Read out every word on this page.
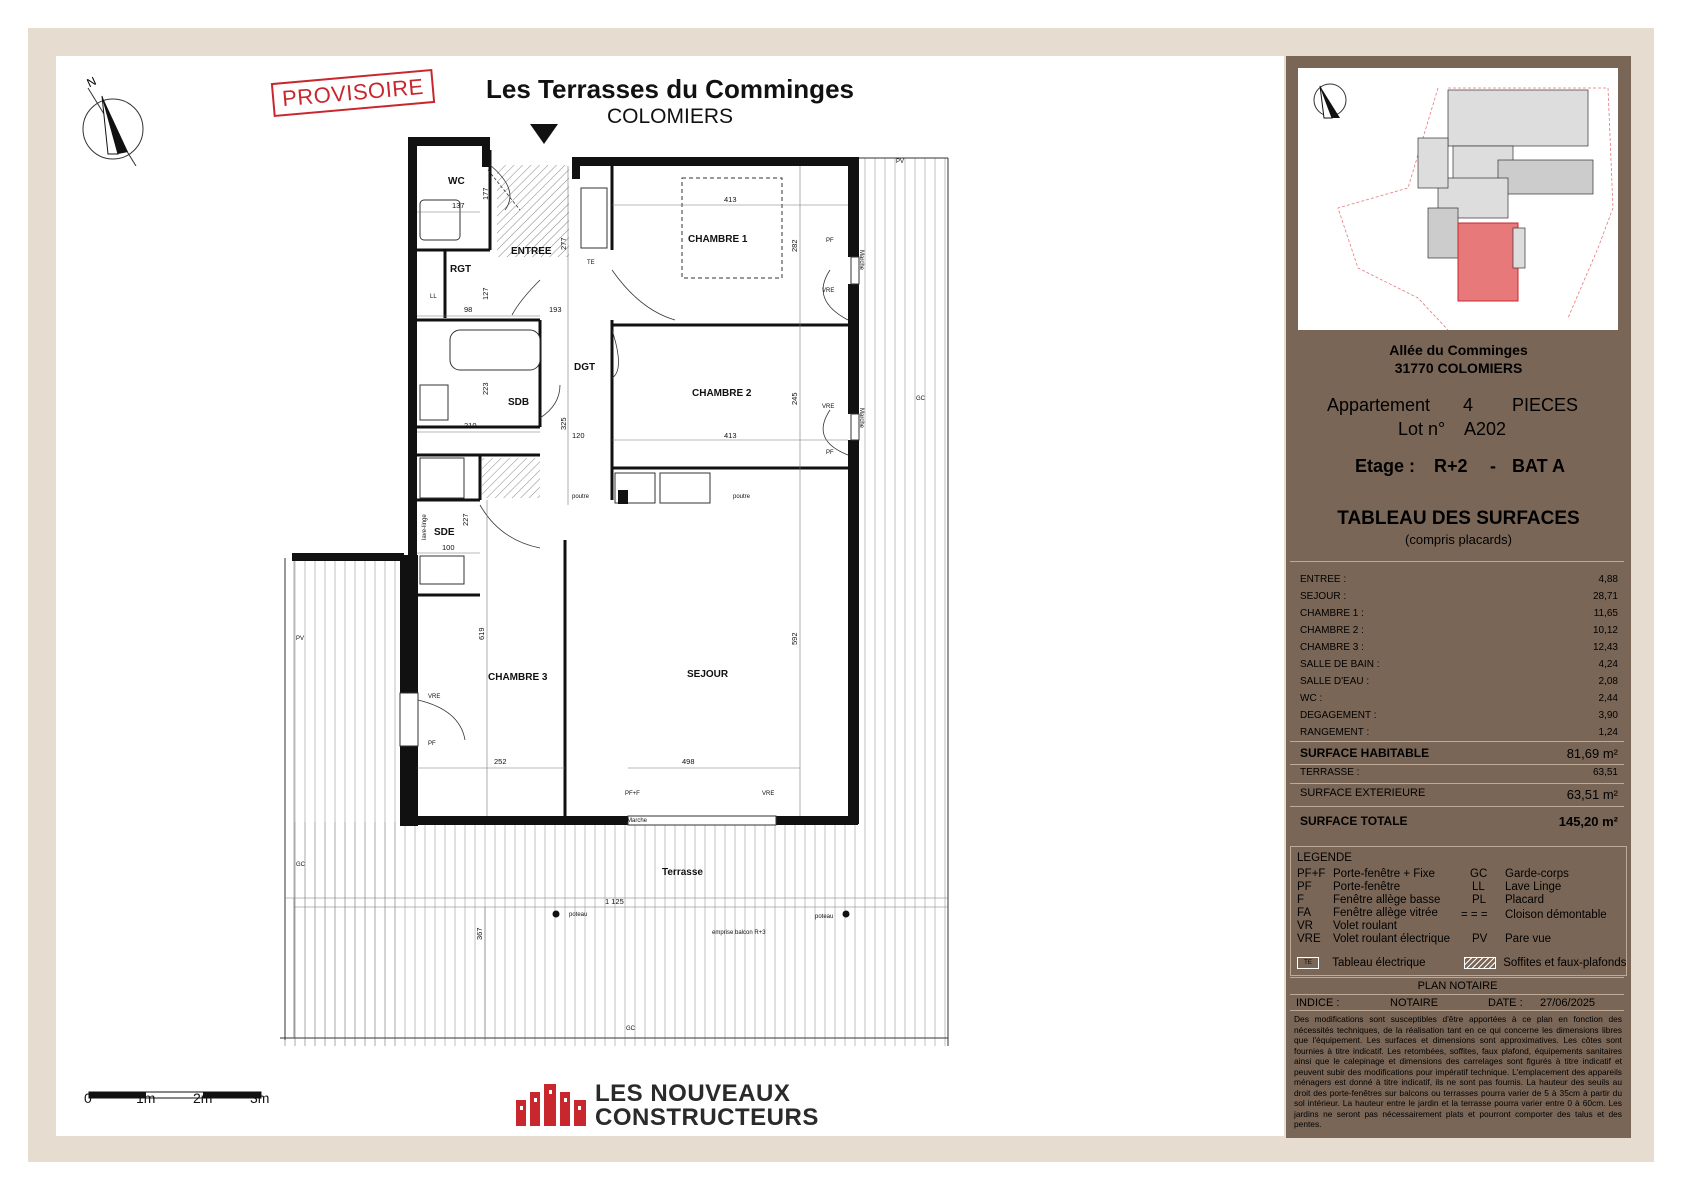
N	PROVISOIRE	Les Terrasses du Comminges
COLOMIERS
WC
RGT
ENTREE
CHAMBRE 1
DGT
CHAMBRE 2
SDB
SDE
CHAMBRE 3	SEJOUR
Terrasse
137
177
277
413
282
98	193
127
223
245
210	325
120	413
227
100
619	592
252	498
1 125
367
TE
LL
PF
VRE
VRE
PF
Marche
Marche
PV
PV
GC
GC
GC
poutre	poutre
VRE
PF
PF+F	VRE
Marche
poteau	poteau
emprise balcon R+3
lave-linge
0	1m	2m	3m	LES NOUVEAUX
CONSTRUCTEURS
Allée du Comminges
31770 COLOMIERS
Appartement 4 PIECES
Lot n° A202
Etage : R+2 - BAT A
TABLEAU DES SURFACES
(compris placards)
ENTREE :	4,88
SEJOUR :	28,71
CHAMBRE 1 :	11,65
CHAMBRE 2 :	10,12
CHAMBRE 3 :	12,43
SALLE DE BAIN :	4,24
SALLE D'EAU :	2,08
WC :	2,44
DEGAGEMENT :	3,90
RANGEMENT :	1,24
SURFACE HABITABLE	81,69 m²
TERRASSE :	63,51
SURFACE EXTERIEURE	63,51 m²
SURFACE TOTALE	145,20 m²
LEGENDE
PF+F Porte-fenêtre + Fixe
PF Porte-fenêtre
F	Fenêtre allège basse
FA Fenêtre allège vitrée
VR Volet roulant
VRE Volet roulant électrique
GC Garde-corps
LL Lave Linge
PL Placard
= = = Cloison démontable
PV Pare vue
TE Tableau électrique	Soffites et faux-plafonds
PLAN NOTAIRE
INDICE :	NOTAIRE	DATE : 27/06/2025
Des modifications sont susceptibles d'être apportées à ce plan en fonction des nécessités techniques, de la réalisation tant en ce qui concerne les dimensions libres que l'équipement. Les surfaces et dimensions sont approximatives. Les côtes sont fournies à titre indicatif. Les retombées, soffites, faux plafond, équipements sanitaires ainsi que le calepinage et dimensions des carrelages sont figurés à titre indicatif et peuvent subir des modifications pour impératif technique. L'emplacement des appareils ménagers est donné à titre indicatif, ils ne sont pas fournis. La hauteur des seuils au droit des porte-fenêtres sur balcons ou terrasses pourra varier de 5 à 35cm à partir du sol intérieur. La hauteur entre le jardin et la terrasse pourra varier entre 0 à 60cm. Les jardins ne seront pas nécessairement plats et pourront comporter des talus et des pentes.
